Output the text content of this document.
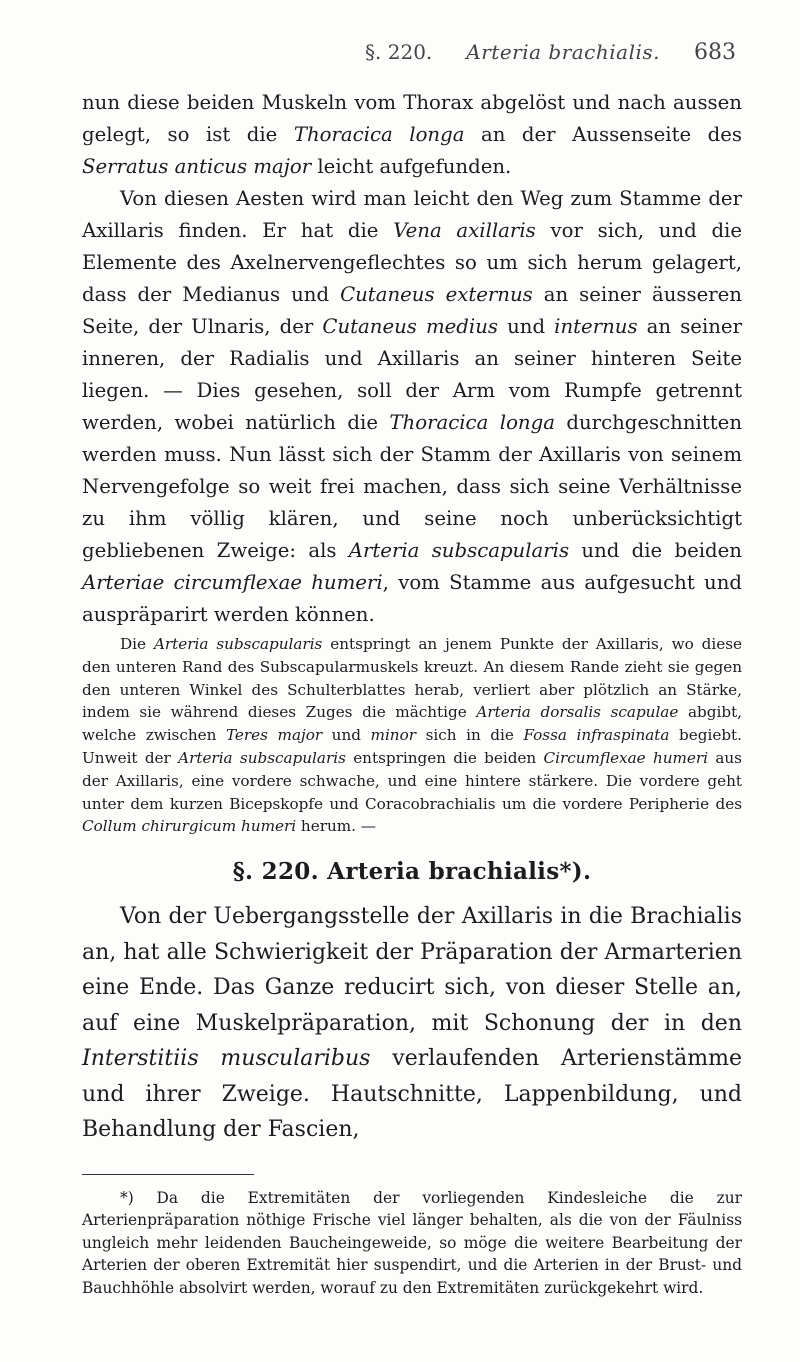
§. 220. Arteria brachialis. 683

nun diese beiden Muskeln vom Thorax abgelöst und nach aussen gelegt, so ist die Thoracica longa an der Aussenseite des Serratus anticus major leicht aufgefunden.

Von diesen Aesten wird man leicht den Weg zum Stamme der Axillaris finden. Er hat die Vena axillaris vor sich, und die Elemente des Axelnervengeflechtes so um sich herum gelagert, dass der Medianus und Cutaneus externus an seiner äusseren Seite, der Ulnaris, der Cutaneus medius und internus an seiner inneren, der Radialis und Axillaris an seiner hinteren Seite liegen. — Dies gesehen, soll der Arm vom Rumpfe getrennt werden, wobei natürlich die Thoracica longa durchgeschnitten werden muss. Nun lässt sich der Stamm der Axillaris von seinem Nervengefolge so weit frei machen, dass sich seine Verhältnisse zu ihm völlig klären, und seine noch unberücksichtigt gebliebenen Zweige: als Arteria subscapularis und die beiden Arteriae circumflexae humeri, vom Stamme aus aufgesucht und auspräparirt werden können.

Die Arteria subscapularis entspringt an jenem Punkte der Axillaris, wo diese den unteren Rand des Subscapularmuskels kreuzt. An diesem Rande zieht sie gegen den unteren Winkel des Schulterblattes herab, verliert aber plötzlich an Stärke, indem sie während dieses Zuges die mächtige Arteria dorsalis scapulae abgibt, welche zwischen Teres major und minor sich in die Fossa infraspinata begiebt. Unweit der Arteria subscapularis entspringen die beiden Circumflexae humeri aus der Axillaris, eine vordere schwache, und eine hintere stärkere. Die vordere geht unter dem kurzen Bicepskopfe und Coracobrachialis um die vordere Peripherie des Collum chirurgicum humeri herum. —

§. 220. Arteria brachialis*).

Von der Uebergangsstelle der Axillaris in die Brachialis an, hat alle Schwierigkeit der Präparation der Armarterien eine Ende. Das Ganze reducirt sich, von dieser Stelle an, auf eine Muskelpräparation, mit Schonung der in den Interstitiis muscularibus verlaufenden Arterienstämme und ihrer Zweige. Hautschnitte, Lappenbildung, und Behandlung der Fascien,

*) Da die Extremitäten der vorliegenden Kindesleiche die zur Arterienpräparation nöthige Frische viel länger behalten, als die von der Fäulniss ungleich mehr leidenden Baucheingeweide, so möge die weitere Bearbeitung der Arterien der oberen Extremität hier suspendirt, und die Arterien in der Brust- und Bauchhöhle absolvirt werden, worauf zu den Extremitäten zurückgekehrt wird.
